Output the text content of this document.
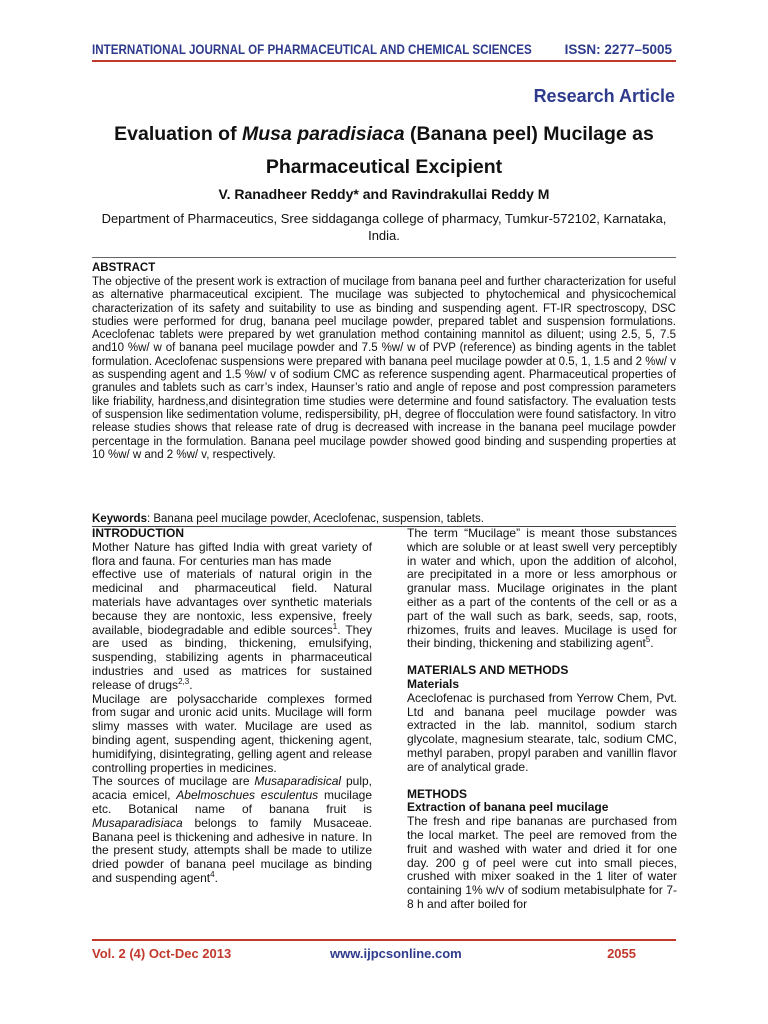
INTERNATIONAL JOURNAL OF PHARMACEUTICAL AND CHEMICAL SCIENCES ISSN: 2277–5005
Research Article
Evaluation of Musa paradisiaca (Banana peel) Mucilage as Pharmaceutical Excipient
V. Ranadheer Reddy* and Ravindrakullai Reddy M
Department of Pharmaceutics, Sree siddaganga college of pharmacy, Tumkur-572102, Karnataka, India.
ABSTRACT
The objective of the present work is extraction of mucilage from banana peel and further characterization for useful as alternative pharmaceutical excipient. The mucilage was subjected to phytochemical and physicochemical characterization of its safety and suitability to use as binding and suspending agent. FT-IR spectroscopy, DSC studies were performed for drug, banana peel mucilage powder, prepared tablet and suspension formulations. Aceclofenac tablets were prepared by wet granulation method containing mannitol as diluent; using 2.5, 5, 7.5 and10 %w/ w of banana peel mucilage powder and 7.5 %w/ w of PVP (reference) as binding agents in the tablet formulation. Aceclofenac suspensions were prepared with banana peel mucilage powder at 0.5, 1, 1.5 and 2 %w/ v as suspending agent and 1.5 %w/ v of sodium CMC as reference suspending agent. Pharmaceutical properties of granules and tablets such as carr’s index, Haunser’s ratio and angle of repose and post compression parameters like friability, hardness,and disintegration time studies were determine and found satisfactory. The evaluation tests of suspension like sedimentation volume, redispersibility, pH, degree of flocculation were found satisfactory. In vitro release studies shows that release rate of drug is decreased with increase in the banana peel mucilage powder percentage in the formulation. Banana peel mucilage powder showed good binding and suspending properties at 10 %w/ w and 2 %w/ v, respectively.
Keywords: Banana peel mucilage powder, Aceclofenac, suspension, tablets.

INTRODUCTION

Mother Nature has gifted India with great variety of flora and fauna. For centuries man has made

effective use of materials of natural origin in the medicinal and pharmaceutical field. Natural materials have advantages over synthetic materials because they are nontoxic, less expensive, freely available, biodegradable and edible sources$^1$. They are used as binding, thickening, emulsifying, suspending, stabilizing agents in pharmaceutical industries and used as matrices for sustained release of drugs$^{2,3}$.

Mucilage are polysaccharide complexes formed from sugar and uronic acid units. Mucilage will form slimy masses with water. Mucilage are used as binding agent, suspending agent, thickening agent, humidifying, disintegrating, gelling agent and release controlling properties in medicines.

The sources of mucilage are Musaparadisical pulp, acacia emicel, Abelmoschues esculentus mucilage etc. Botanical name of banana fruit is Musaparadisiaca belongs to family Musaceae. Banana peel is thickening and adhesive in nature. In the present study, attempts shall be made to utilize dried powder of banana peel mucilage as binding and suspending agent$^4$.

The term “Mucilage” is meant those substances which are soluble or at least swell very perceptibly in water and which, upon the addition of alcohol, are precipitated in a more or less amorphous or granular mass. Mucilage originates in the plant either as a part of the contents of the cell or as a part of the wall such as bark, seeds, sap, roots, rhizomes, fruits and leaves. Mucilage is used for their binding, thickening and stabilizing agent$^5$.

MATERIALS AND METHODS

Materials

Aceclofenac is purchased from Yerrow Chem, Pvt. Ltd and banana peel mucilage powder was extracted in the lab. mannitol, sodium starch glycolate, magnesium stearate, talc, sodium CMC, methyl paraben, propyl paraben and vanillin flavor are of analytical grade.

METHODS

Extraction of banana peel mucilage

The fresh and ripe bananas are purchased from the local market. The peel are removed from the fruit and washed with water and dried it for one day. 200 g of peel were cut into small pieces, crushed with mixer soaked in the 1 liter of water containing 1% w/v of sodium metabisulphate for 7-8 h and after boiled for

Vol. 2 (4) Oct-Dec 2013	www.ijpcsonline.com	2055
